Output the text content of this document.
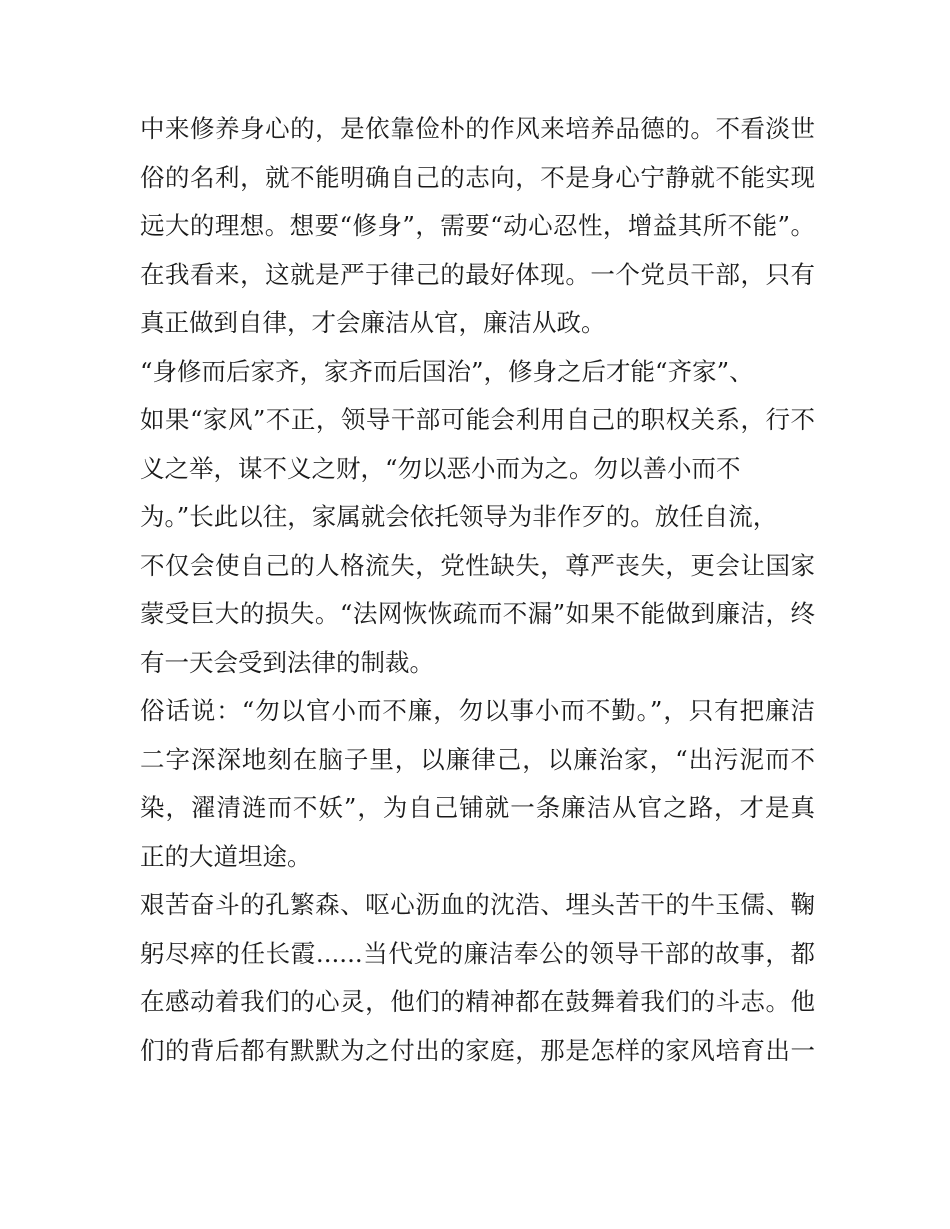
中来修养身心的，是依靠俭朴的作风来培养品德的。不看淡世
俗的名利，就不能明确自己的志向，不是身心宁静就不能实现
远大的理想。想要“修身”，需要“动心忍性，增益其所不能”。
在我看来，这就是严于律己的最好体现。一个党员干部，只有
真正做到自律，才会廉洁从官，廉洁从政。
“身修而后家齐，家齐而后国治”，修身之后才能“齐家”、
如果“家风”不正，领导干部可能会利用自己的职权关系，行不
义之举，谋不义之财，“勿以恶小而为之。勿以善小而不
为。”长此以往，家属就会依托领导为非作歹的。放任自流，
不仅会使自己的人格流失，党性缺失，尊严丧失，更会让国家
蒙受巨大的损失。“法网恢恢疏而不漏”如果不能做到廉洁，终
有一天会受到法律的制裁。
俗话说：“勿以官小而不廉，勿以事小而不勤。”，只有把廉洁
二字深深地刻在脑子里，以廉律己，以廉治家，“出污泥而不
染，濯清涟而不妖”，为自己铺就一条廉洁从官之路，才是真
正的大道坦途。
艰苦奋斗的孔繁森、呕心沥血的沈浩、埋头苦干的牛玉儒、鞠
躬尽瘁的任长霞......当代党的廉洁奉公的领导干部的故事，都
在感动着我们的心灵，他们的精神都在鼓舞着我们的斗志。他
们的背后都有默默为之付出的家庭，那是怎样的家风培育出一
